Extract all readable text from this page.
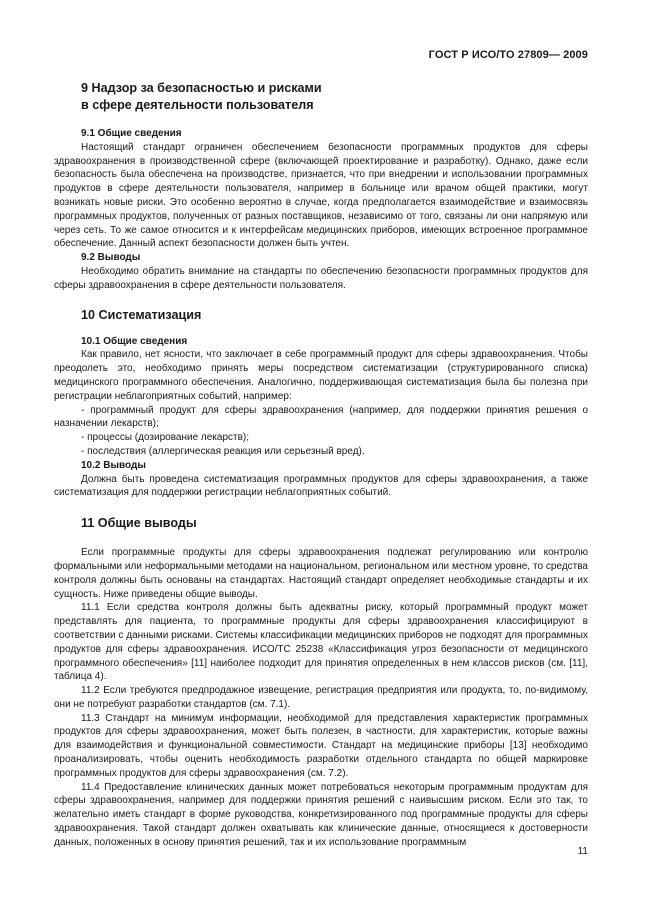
ГОСТ Р ИСО/ТО 27809— 2009
9 Надзор за безопасностью и рисками
в сфере деятельности пользователя

9.1 Общие сведения

Настоящий стандарт ограничен обеспечением безопасности программных продуктов для сферы здравоохранения в производственной сфере (включающей проектирование и разработку). Однако, даже если безопасность была обеспечена на производстве, признается, что при внедрении и использовании программных продуктов в сфере деятельности пользователя, например в больнице или врачом общей практики, могут возникать новые риски. Это особенно вероятно в случае, когда предполагается взаимодействие и взаимосвязь программных продуктов, полученных от разных поставщиков, независимо от того, связаны ли они напрямую или через сеть. То же самое относится и к интерфейсам медицинских приборов, имеющих встроенное программное обеспечение. Данный аспект безопасности должен быть учтен.

9.2 Выводы

Необходимо обратить внимание на стандарты по обеспечению безопасности программных продуктов для сферы здравоохранения в сфере деятельности пользователя.

10 Систематизация

10.1 Общие сведения

Как правило, нет ясности, что заключает в себе программный продукт для сферы здравоохранения. Чтобы преодолеть это, необходимо принять меры посредством систематизации (структурированного списка) медицинского программного обеспечения. Аналогично, поддерживающая систематизация была бы полезна при регистрации неблагоприятных событий, например:

- программный продукт для сферы здравоохранения (например, для поддержки принятия решения о назначении лекарств);

- процессы (дозирование лекарств);

- последствия (аллергическая реакция или серьезный вред).

10.2 Выводы

Должна быть проведена систематизация программных продуктов для сферы здравоохранения, а также систематизация для поддержки регистрации неблагоприятных событий.

11 Общие выводы

Если программные продукты для сферы здравоохранения подлежат регулированию или контролю формальными или неформальными методами на национальном, региональном или местном уровне, то средства контроля должны быть основаны на стандартах. Настоящий стандарт определяет необходимые стандарты и их сущность. Ниже приведены общие выводы.

11.1 Если средства контроля должны быть адекватны риску, который программный продукт может представлять для пациента, то программные продукты для сферы здравоохранения классифицируют в соответствии с данными рисками. Системы классификации медицинских приборов не подходят для программных продуктов для сферы здравоохранения. ИСО/ТС 25238 «Классификация угроз безопасности от медицинского программного обеспечения» [11] наиболее подходит для принятия определенных в нем классов рисков (см. [11], таблица 4).

11.2 Если требуются предпродажное извещение, регистрация предприятия или продукта, то, по-видимому, они не потребуют разработки стандартов (см. 7.1).

11.3 Стандарт на минимум информации, необходимой для представления характеристик программных продуктов для сферы здравоохранения, может быть полезен, в частности, для характеристик, которые важны для взаимодействия и функциональной совместимости. Стандарт на медицинские приборы [13] необходимо проанализировать, чтобы оценить необходимость разработки отдельного стандарта по общей маркировке программных продуктов для сферы здравоохранения (см. 7.2).

11.4 Предоставление клинических данных может потребоваться некоторым программным продуктам для сферы здравоохранения, например для поддержки принятия решений с наивысшим риском. Если это так, то желательно иметь стандарт в форме руководства, конкретизированного под программные продукты для сферы здравоохранения. Такой стандарт должен охватывать как клинические данные, относящиеся к достоверности данных, положенных в основу принятия решений, так и их использование программным

11
